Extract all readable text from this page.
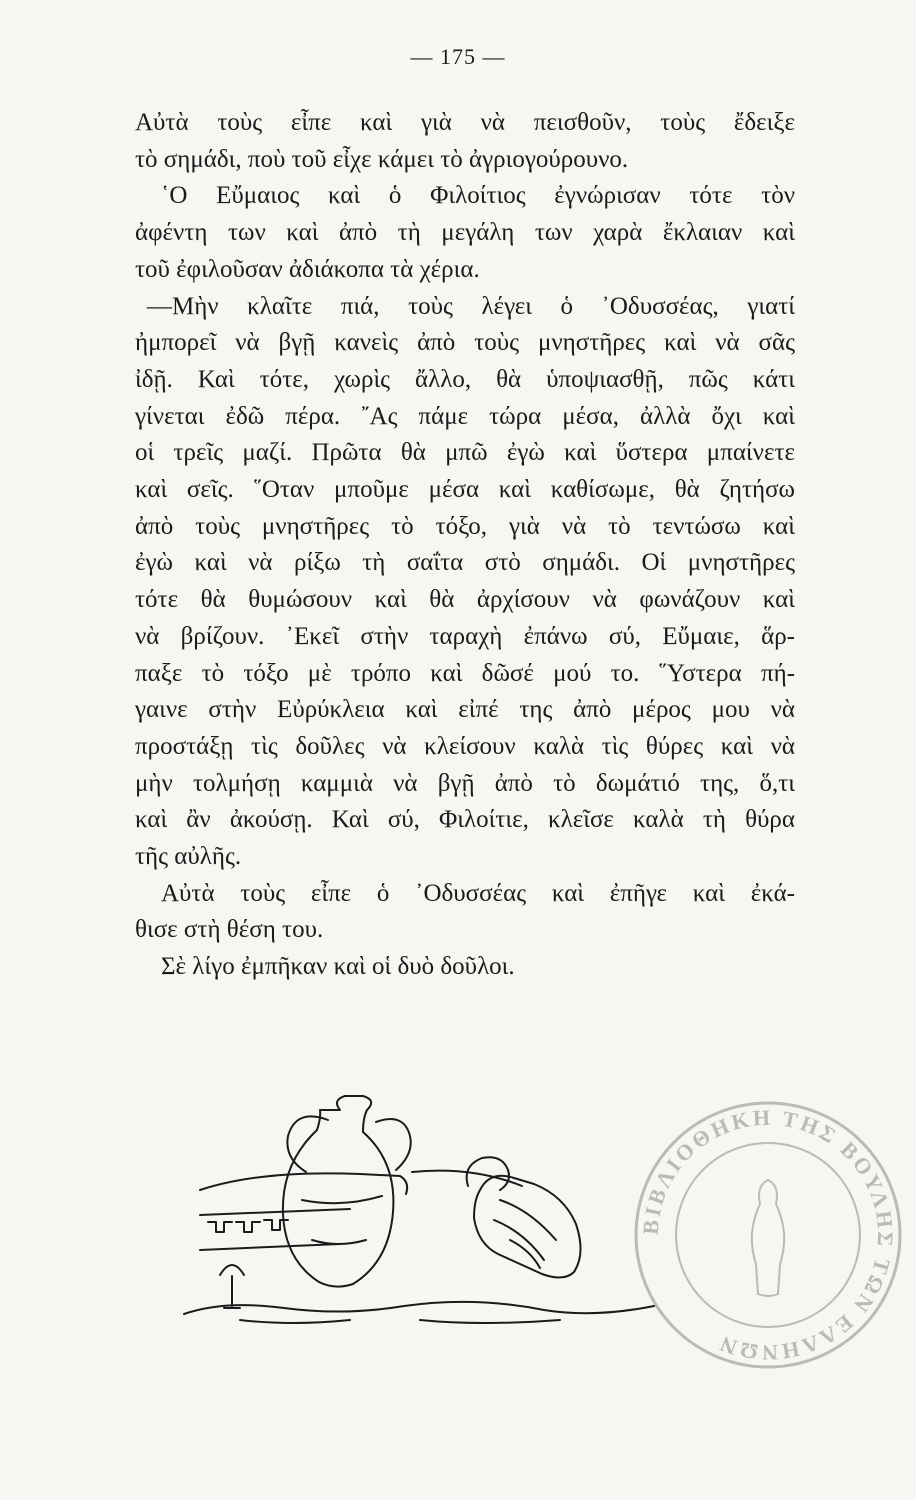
— 175 —
Αὐτὰ τοὺς εἶπε καὶ γιὰ νὰ πεισθοῦν, τοὺς ἔδειξε
τὸ σημάδι, ποὺ τοῦ εἶχε κάμει τὸ ἀγριογούρουνο.
῾Ο Εὔμαιος καὶ ὁ Φιλοίτιος ἐγνώρισαν τότε τὸν
ἀφέντη των καὶ ἀπὸ τὴ μεγάλη των χαρὰ ἔκλαιαν καὶ
τοῦ ἐφιλοῦσαν ἀδιάκοπα τὰ χέρια.
—Μὴν κλαῖτε πιά, τοὺς λέγει ὁ ᾿Οδυσσέας, γιατί
ἠμπορεῖ νὰ βγῇ κανεὶς ἀπὸ τοὺς μνηστῆρες καὶ νὰ σᾶς
ἰδῇ. Καὶ τότε, χωρὶς ἄλλο, θὰ ὑποψιασθῇ, πῶς κάτι
γίνεται ἐδῶ πέρα. ῎Ας πάμε τώρα μέσα, ἀλλὰ ὄχι καὶ
οἱ τρεῖς μαζί. Πρῶτα θὰ μπῶ ἐγὼ καὶ ὕστερα μπαίνετε
καὶ σεῖς. ῞Οταν μποῦμε μέσα καὶ καθίσωμε, θὰ ζητήσω
ἀπὸ τοὺς μνηστῆρες τὸ τόξο, γιὰ νὰ τὸ τεντώσω καὶ
ἐγὼ καὶ νὰ ρίξω τὴ σαΐτα στὸ σημάδι. Οἱ μνηστῆρες
τότε θὰ θυμώσουν καὶ θὰ ἀρχίσουν νὰ φωνάζουν καὶ
νὰ βρίζουν. ᾿Εκεῖ στὴν ταραχὴ ἐπάνω σύ, Εὔμαιε, ἅρ-
παξε τὸ τόξο μὲ τρόπο καὶ δῶσέ μού το. ῞Υστερα πή-
γαινε στὴν Εὐρύκλεια καὶ εἰπέ της ἀπὸ μέρος μου νὰ
προστάξῃ τὶς δοῦλες νὰ κλείσουν καλὰ τὶς θύρες καὶ νὰ
μὴν τολμήσῃ καμμιὰ νὰ βγῇ ἀπὸ τὸ δωμάτιό της, ὅ,τι
καὶ ἂν ἀκούσῃ. Καὶ σύ, Φιλοίτιε, κλεῖσε καλὰ τὴ θύρα
τῆς αὐλῆς.
Αὐτὰ τοὺς εἶπε ὁ ᾿Οδυσσέας καὶ ἐπῆγε καὶ ἐκά-
θισε στὴ θέση του.
Σὲ λίγο ἐμπῆκαν καὶ οἱ δυὸ δοῦλοι.
ΒΙΒΛΙΟΘΗΚΗ ΤΗΣ ΒΟΥΛΗΣ ΤΩΝ ΕΛΛΗΝΩΝ
